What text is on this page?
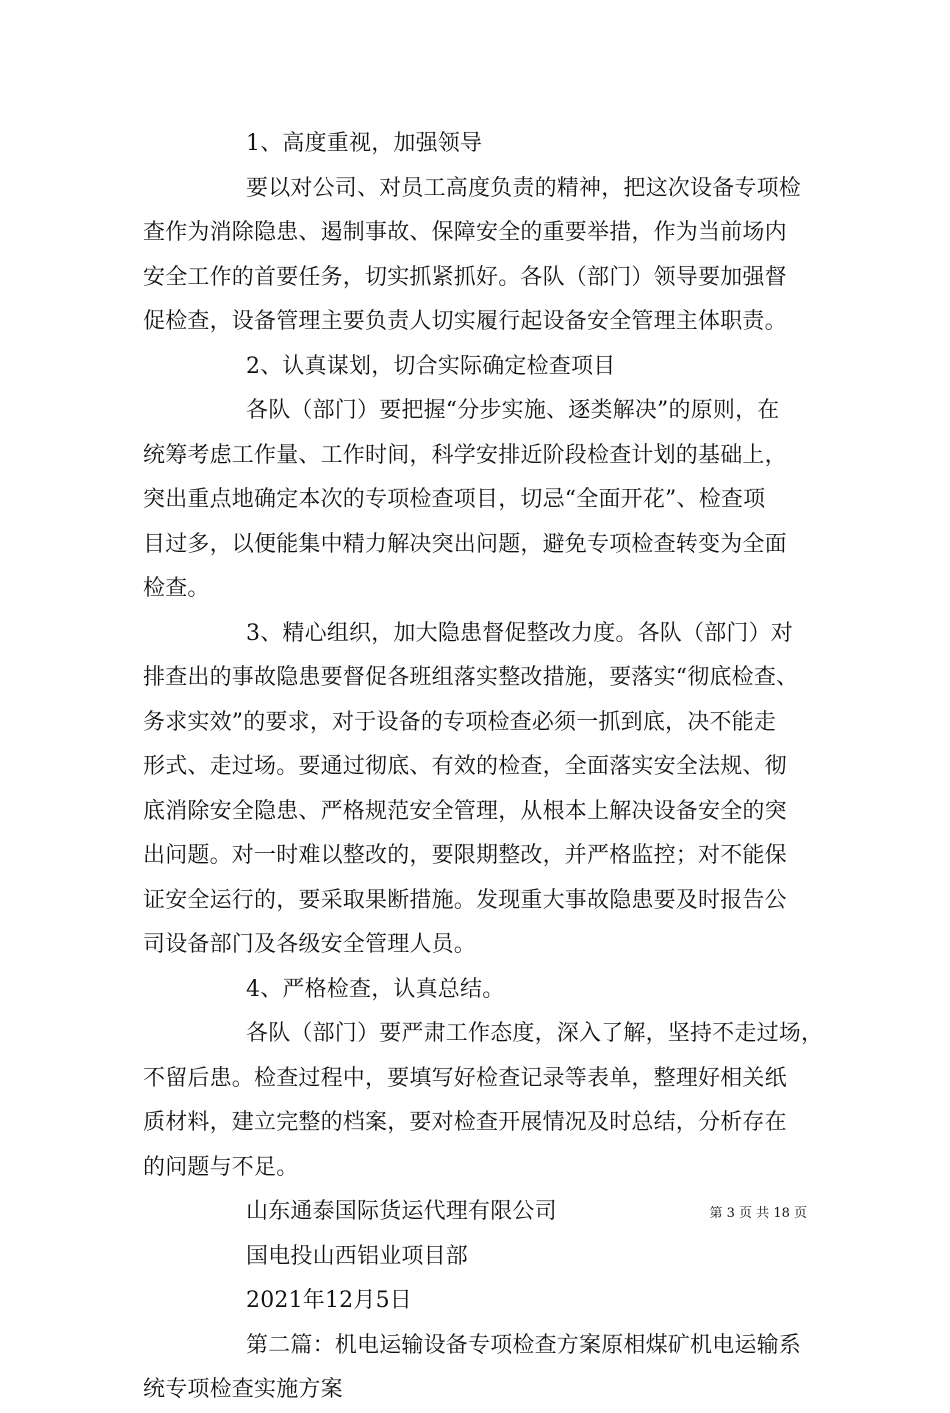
1、高度重视，加强领导
要以对公司、对员工高度负责的精神，把这次设备专项检
查作为消除隐患、遏制事故、保障安全的重要举措，作为当前场内
安全工作的首要任务，切实抓紧抓好。各队（部门）领导要加强督
促检查，设备管理主要负责人切实履行起设备安全管理主体职责。
2、认真谋划，切合实际确定检查项目
各队（部门）要把握“分步实施、逐类解决”的原则，在
统筹考虑工作量、工作时间，科学安排近阶段检查计划的基础上，
突出重点地确定本次的专项检查项目，切忌“全面开花”、检查项
目过多，以便能集中精力解决突出问题，避免专项检查转变为全面
检查。
3、精心组织，加大隐患督促整改力度。各队（部门）对
排查出的事故隐患要督促各班组落实整改措施，要落实“彻底检查、
务求实效”的要求，对于设备的专项检查必须一抓到底，决不能走
形式、走过场。要通过彻底、有效的检查，全面落实安全法规、彻
底消除安全隐患、严格规范安全管理，从根本上解决设备安全的突
出问题。对一时难以整改的，要限期整改，并严格监控；对不能保
证安全运行的，要采取果断措施。发现重大事故隐患要及时报告公
司设备部门及各级安全管理人员。
4、严格检查，认真总结。
各队（部门）要严肃工作态度，深入了解，坚持不走过场，
不留后患。检查过程中，要填写好检查记录等表单，整理好相关纸
质材料，建立完整的档案，要对检查开展情况及时总结，分析存在
的问题与不足。
山东通泰国际货运代理有限公司
国电投山西铝业项目部
2021年12月5日
第二篇：机电运输设备专项检查方案原相煤矿机电运输系
统专项检查实施方案
第 3 页 共 18 页
